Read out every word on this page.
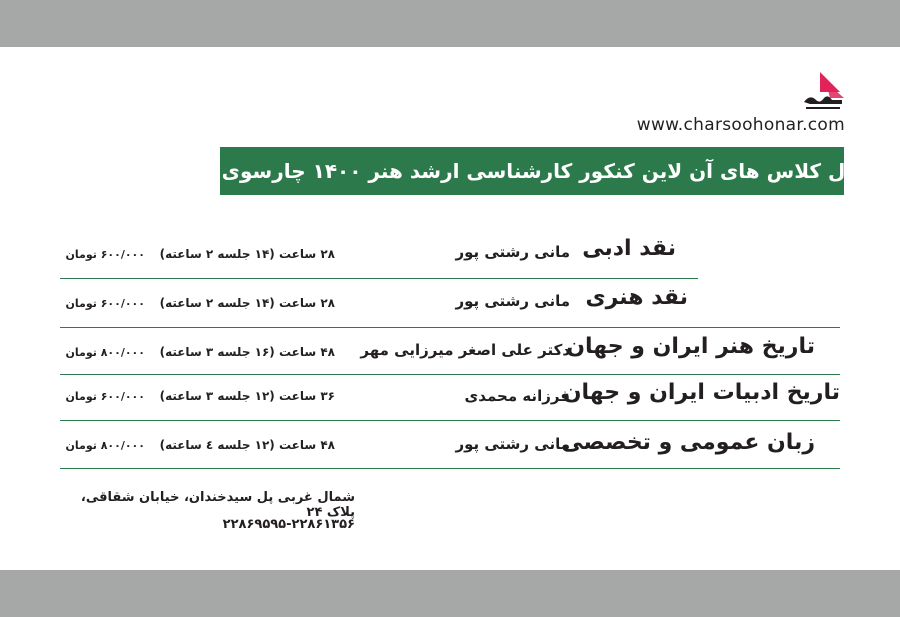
www.charsoohonar.com
جدول کلاس های آن لاین کنکور کارشناسی ارشد هنر ۱۴۰۰ چارسوی هنر
نقد ادبی
مانی رشتی پور
۲۸ ساعت (۱۴ جلسه ۲ ساعته)
۶۰۰/۰۰۰ تومان
نقد هنری
مانی رشتی پور
۲۸ ساعت (۱۴ جلسه ۲ ساعته)
۶۰۰/۰۰۰ تومان
تاریخ هنر ایران و جهان
دکتر علی اصغر میرزایی مهر
۴۸ ساعت (۱۶ جلسه ۳ ساعته)
۸۰۰/۰۰۰ تومان
تاریخ ادبیات ایران و جهان
فرزانه محمدی
۳۶ ساعت (۱۲ جلسه ۳ ساعته)
۶۰۰/۰۰۰ تومان
زبان عمومی و تخصصی
مانی رشتی پور
۴۸ ساعت (۱۲ جلسه ٤ ساعته)
۸۰۰/۰۰۰ تومان
شمال غربی پل سیدخندان، خیابان شقاقی، پلاک ۲۴
۲۲۸۶۹۵۹۵-۲۲۸۶۱۳۵۶
